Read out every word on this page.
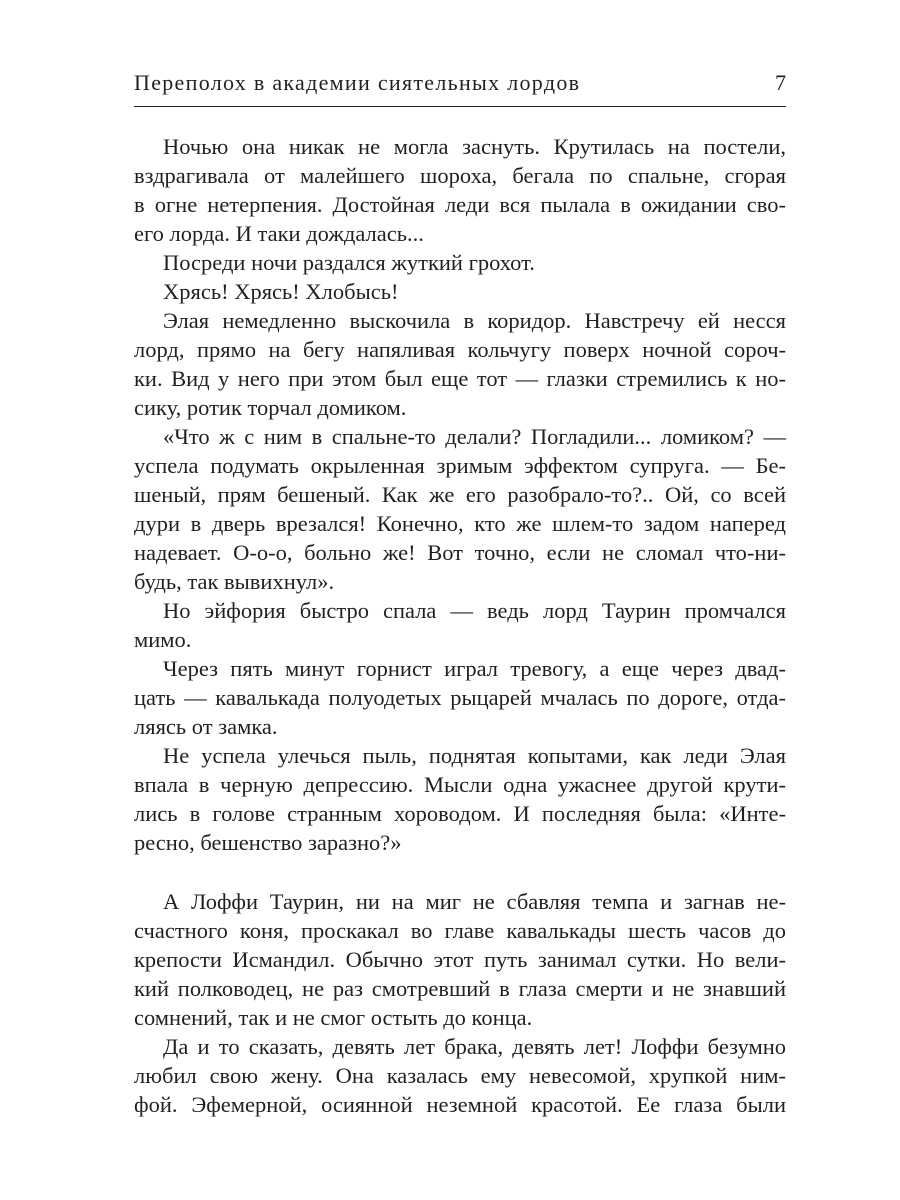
Переполох в академии сиятельных лордов	7
Ночью она никак не могла заснуть. Крутилась на постели,
вздрагивала от малейшего шороха, бегала по спальне, сгорая
в огне нетерпения. Достойная леди вся пылала в ожидании сво-
его лорда. И таки дождалась...
Посреди ночи раздался жуткий грохот.
Хрясь! Хрясь! Хлобысь!
Элая немедленно выскочила в коридор. Навстречу ей несся
лорд, прямо на бегу напяливая кольчугу поверх ночной сороч-
ки. Вид у него при этом был еще тот — глазки стремились к но-
сику, ротик торчал домиком.
«Что ж с ним в спальне-то делали? Погладили... ломиком? —
успела подумать окрыленная зримым эффектом супруга. — Бе-
шеный, прям бешеный. Как же его разобрало-то?.. Ой, со всей
дури в дверь врезался! Конечно, кто же шлем-то задом наперед
надевает. О-о-о, больно же! Вот точно, если не сломал что-ни-
будь, так вывихнул».
Но эйфория быстро спала — ведь лорд Таурин промчался
мимо.
Через пять минут горнист играл тревогу, а еще через двад-
цать — кавалькада полуодетых рыцарей мчалась по дороге, отда-
ляясь от замка.
Не успела улечься пыль, поднятая копытами, как леди Элая
впала в черную депрессию. Мысли одна ужаснее другой крути-
лись в голове странным хороводом. И последняя была: «Инте-
ресно, бешенство заразно?»
А Лоффи Таурин, ни на миг не сбавляя темпа и загнав не-
счастного коня, проскакал во главе кавалькады шесть часов до
крепости Исмандил. Обычно этот путь занимал сутки. Но вели-
кий полководец, не раз смотревший в глаза смерти и не знавший
сомнений, так и не смог остыть до конца.
Да и то сказать, девять лет брака, девять лет! Лоффи безумно
любил свою жену. Она казалась ему невесомой, хрупкой ним-
фой. Эфемерной, осиянной неземной красотой. Ее глаза были
